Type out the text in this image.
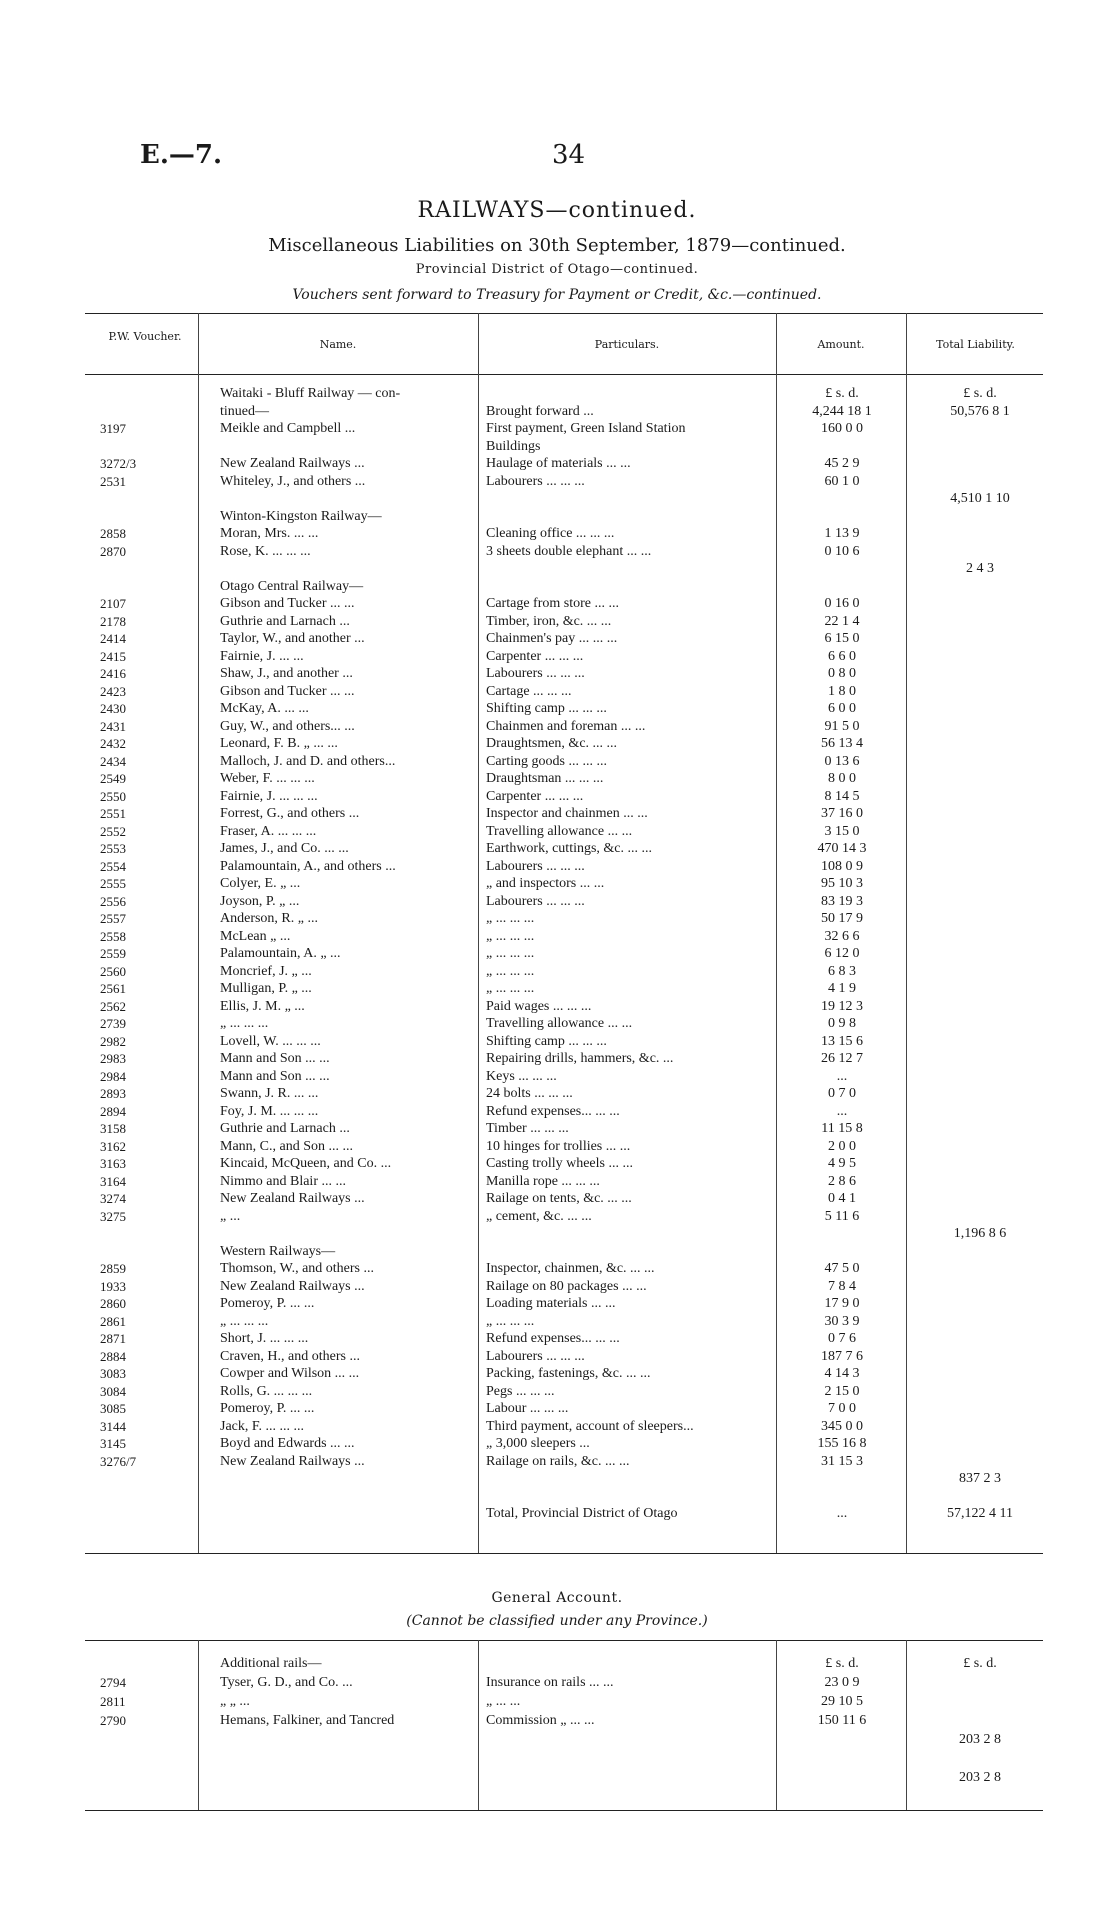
E.—7.	34
RAILWAYS—continued.
Miscellaneous Liabilities on 30th September, 1879—continued.
Provincial District of Otago—continued.
Vouchers sent forward to Treasury for Payment or Credit, &c.—continued.
P.W. Voucher.
Name.	Particulars.	Amount.	Total Liability.
Waitaki - Bluff Railway — con-	£ s. d.	£ s. d.
tinued—	Brought forward ...	4,244 18 1	50,576 8 1
3197	Meikle and Campbell ...	First payment, Green Island Station	160 0 0
Buildings
3272/3	New Zealand Railways ...	Haulage of materials ... ...	45 2 9
2531	Whiteley, J., and others ...	Labourers ... ... ...	60 1 0
4,510 1 10
Winton-Kingston Railway—
2858	Moran, Mrs. ... ...	Cleaning office ... ... ...	1 13 9
2870	Rose, K. ... ... ...	3 sheets double elephant ... ...	0 10 6
2 4 3
Otago Central Railway—
2107	Gibson and Tucker ... ...	Cartage from store ... ...	0 16 0
2178	Guthrie and Larnach ...	Timber, iron, &c. ... ...	22 1 4
2414	Taylor, W., and another ...	Chainmen's pay ... ... ...	6 15 0
2415	Fairnie, J. ... ...	Carpenter ... ... ...	6 6 0
2416	Shaw, J., and another ...	Labourers ... ... ...	0 8 0
2423	Gibson and Tucker ... ...	Cartage ... ... ...	1 8 0
2430	McKay, A. ... ...	Shifting camp ... ... ...	6 0 0
2431	Guy, W., and others... ...	Chainmen and foreman ... ...	91 5 0
2432	Leonard, F. B. „ ... ...	Draughtsmen, &c. ... ...	56 13 4
2434	Malloch, J. and D. and others...	Carting goods ... ... ...	0 13 6
2549	Weber, F. ... ... ...	Draughtsman ... ... ...	8 0 0
2550	Fairnie, J. ... ... ...	Carpenter ... ... ...	8 14 5
2551	Forrest, G., and others ...	Inspector and chainmen ... ...	37 16 0
2552	Fraser, A. ... ... ...	Travelling allowance ... ...	3 15 0
2553	James, J., and Co. ... ...	Earthwork, cuttings, &c. ... ...	470 14 3
2554	Palamountain, A., and others ...	Labourers ... ... ...	108 0 9
2555	Colyer, E. „ ...	„ and inspectors ... ...	95 10 3
2556	Joyson, P. „ ...	Labourers ... ... ...	83 19 3
2557	Anderson, R. „ ...	„ ... ... ...	50 17 9
2558	McLean „ ...	„ ... ... ...	32 6 6
2559	Palamountain, A. „ ...	„ ... ... ...	6 12 0
2560	Moncrief, J. „ ...	„ ... ... ...	6 8 3
2561	Mulligan, P. „ ...	„ ... ... ...	4 1 9
2562	Ellis, J. M. „ ...	Paid wages ... ... ...	19 12 3
2739	„ ... ... ...	Travelling allowance ... ...	0 9 8
2982	Lovell, W. ... ... ...	Shifting camp ... ... ...	13 15 6
2983	Mann and Son ... ...	Repairing drills, hammers, &c. ...	26 12 7
2984	Mann and Son ... ...	Keys ... ... ...	...
2893	Swann, J. R. ... ...	24 bolts ... ... ...	0 7 0
2894	Foy, J. M. ... ... ...	Refund expenses... ... ...	...
3158	Guthrie and Larnach ...	Timber ... ... ...	11 15 8
3162	Mann, C., and Son ... ...	10 hinges for trollies ... ...	2 0 0
3163	Kincaid, McQueen, and Co. ...	Casting trolly wheels ... ...	4 9 5
3164	Nimmo and Blair ... ...	Manilla rope ... ... ...	2 8 6
3274	New Zealand Railways ...	Railage on tents, &c. ... ...	0 4 1
3275	„ ...	„ cement, &c. ... ...	5 11 6
1,196 8 6
Western Railways—
2859	Thomson, W., and others ...	Inspector, chainmen, &c. ... ...	47 5 0
1933	New Zealand Railways ...	Railage on 80 packages ... ...	7 8 4
2860	Pomeroy, P. ... ...	Loading materials ... ...	17 9 0
2861	„ ... ... ...	„ ... ... ...	30 3 9
2871	Short, J. ... ... ...	Refund expenses... ... ...	0 7 6
2884	Craven, H., and others ...	Labourers ... ... ...	187 7 6
3083	Cowper and Wilson ... ...	Packing, fastenings, &c. ... ...	4 14 3
3084	Rolls, G. ... ... ...	Pegs ... ... ...	2 15 0
3085	Pomeroy, P. ... ...	Labour ... ... ...	7 0 0
3144	Jack, F. ... ... ...	Third payment, account of sleepers...	345 0 0
3145	Boyd and Edwards ... ...	„ 3,000 sleepers ...	155 16 8
3276/7	New Zealand Railways ...	Railage on rails, &c. ... ...	31 15 3
837 2 3
Total, Provincial District of Otago	...	57,122 4 11
General Account.
(Cannot be classified under any Province.)
Additional rails—	£ s. d.	£ s. d.
2794	Tyser, G. D., and Co. ...	Insurance on rails ... ...	23 0 9
2811	„ „ ...	„ ... ...	29 10 5
2790	Hemans, Falkiner, and Tancred	Commission „ ... ...	150 11 6
203 2 8
203 2 8
